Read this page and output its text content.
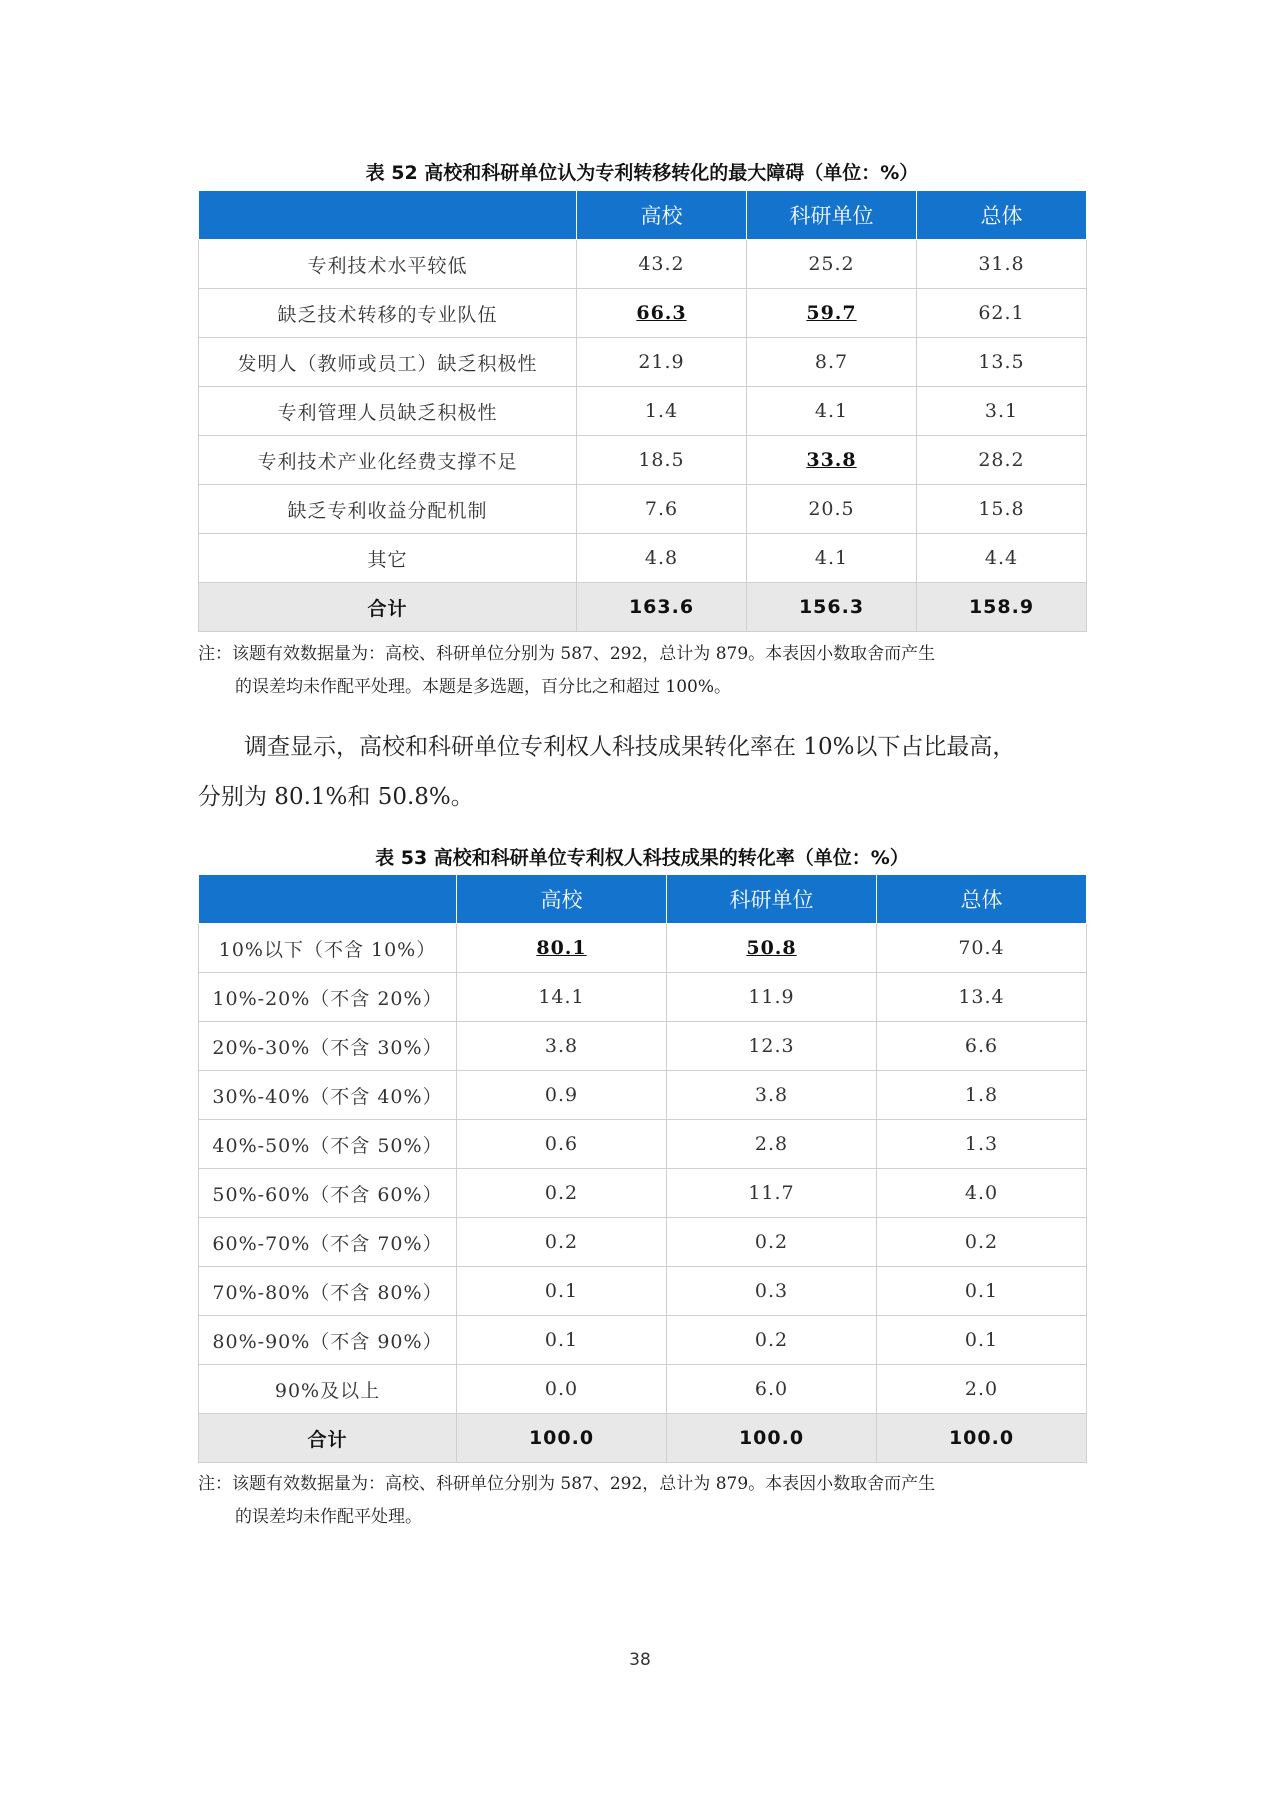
表 52 高校和科研单位认为专利转移转化的最大障碍（单位：%）
	高校	科研单位	总体
专利技术水平较低	43.2	25.2	31.8
缺乏技术转移的专业队伍	66.3	59.7	62.1
发明人（教师或员工）缺乏积极性	21.9	8.7	13.5
专利管理人员缺乏积极性	1.4	4.1	3.1
专利技术产业化经费支撑不足	18.5	33.8	28.2
缺乏专利收益分配机制	7.6	20.5	15.8
其它	4.8	4.1	4.4
合计	163.6	156.3	158.9
注：该题有效数据量为：高校、科研单位分别为 587、292，总计为 879。本表因小数取舍而产生
的误差均未作配平处理。本题是多选题，百分比之和超过 100%。
调查显示，高校和科研单位专利权人科技成果转化率在 10%以下占比最高，
分别为 80.1%和 50.8%。
表 53 高校和科研单位专利权人科技成果的转化率（单位：%）
	高校	科研单位	总体
10%以下（不含 10%）	80.1	50.8	70.4
10%-20%（不含 20%）	14.1	11.9	13.4
20%-30%（不含 30%）	3.8	12.3	6.6
30%-40%（不含 40%）	0.9	3.8	1.8
40%-50%（不含 50%）	0.6	2.8	1.3
50%-60%（不含 60%）	0.2	11.7	4.0
60%-70%（不含 70%）	0.2	0.2	0.2
70%-80%（不含 80%）	0.1	0.3	0.1
80%-90%（不含 90%）	0.1	0.2	0.1
90%及以上	0.0	6.0	2.0
合计	100.0	100.0	100.0
注：该题有效数据量为：高校、科研单位分别为 587、292，总计为 879。本表因小数取舍而产生
的误差均未作配平处理。
38
